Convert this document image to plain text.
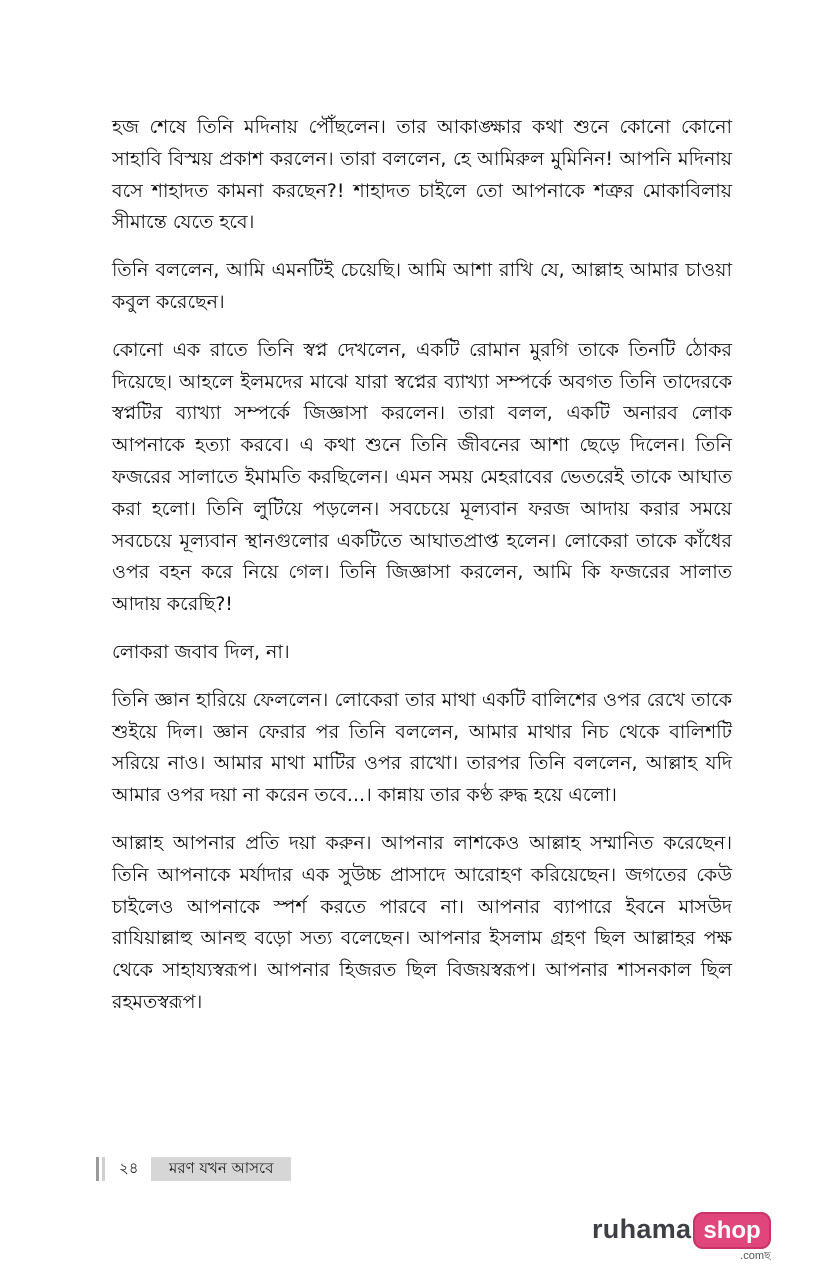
হজ শেষে তিনি মদিনায় পৌঁছলেন। তার আকাঙ্ক্ষার কথা শুনে কোনো কোনো সাহাবি বিস্ময় প্রকাশ করলেন। তারা বললেন, হে আমিরুল মুমিনিন! আপনি মদিনায় বসে শাহাদত কামনা করছেন?! শাহাদত চাইলে তো আপনাকে শত্রুর মোকাবিলায় সীমান্তে যেতে হবে।

তিনি বললেন, আমি এমনটিই চেয়েছি। আমি আশা রাখি যে, আল্লাহ আমার চাওয়া কবুল করেছেন।

কোনো এক রাতে তিনি স্বপ্ন দেখলেন, একটি রোমান মুরগি তাকে তিনটি ঠোকর দিয়েছে। আহলে ইলমদের মাঝে যারা স্বপ্নের ব্যাখ্যা সম্পর্কে অবগত তিনি তাদেরকে স্বপ্নটির ব্যাখ্যা সম্পর্কে জিজ্ঞাসা করলেন। তারা বলল, একটি অনারব লোক আপনাকে হত্যা করবে। এ কথা শুনে তিনি জীবনের আশা ছেড়ে দিলেন। তিনি ফজরের সালাতে ইমামতি করছিলেন। এমন সময় মেহরাবের ভেতরেই তাকে আঘাত করা হলো। তিনি লুটিয়ে পড়লেন। সবচেয়ে মূল্যবান ফরজ আদায় করার সময়ে সবচেয়ে মূল্যবান স্থানগুলোর একটিতে আঘাতপ্রাপ্ত হলেন। লোকেরা তাকে কাঁধের ওপর বহন করে নিয়ে গেল। তিনি জিজ্ঞাসা করলেন, আমি কি ফজরের সালাত আদায় করেছি?!

লোকরা জবাব দিল, না।

তিনি জ্ঞান হারিয়ে ফেললেন। লোকেরা তার মাথা একটি বালিশের ওপর রেখে তাকে শুইয়ে দিল। জ্ঞান ফেরার পর তিনি বললেন, আমার মাথার নিচ থেকে বালিশটি সরিয়ে নাও। আমার মাথা মাটির ওপর রাখো। তারপর তিনি বললেন, আল্লাহ যদি আমার ওপর দয়া না করেন তবে...। কান্নায় তার কণ্ঠ রুদ্ধ হয়ে এলো।

আল্লাহ আপনার প্রতি দয়া করুন। আপনার লাশকেও আল্লাহ সম্মানিত করেছেন। তিনি আপনাকে মর্যাদার এক সুউচ্চ প্রাসাদে আরোহণ করিয়েছেন। জগতের কেউ চাইলেও আপনাকে স্পর্শ করতে পারবে না। আপনার ব্যাপারে ইবনে মাসউদ রাযিয়াল্লাহু আনহু বড়ো সত্য বলেছেন। আপনার ইসলাম গ্রহণ ছিল আল্লাহর পক্ষ থেকে সাহায্যস্বরূপ। আপনার হিজরত ছিল বিজয়স্বরূপ। আপনার শাসনকাল ছিল রহমতস্বরূপ।

২৪	মরণ যখন আসবে
ruhama shop
.comছ
